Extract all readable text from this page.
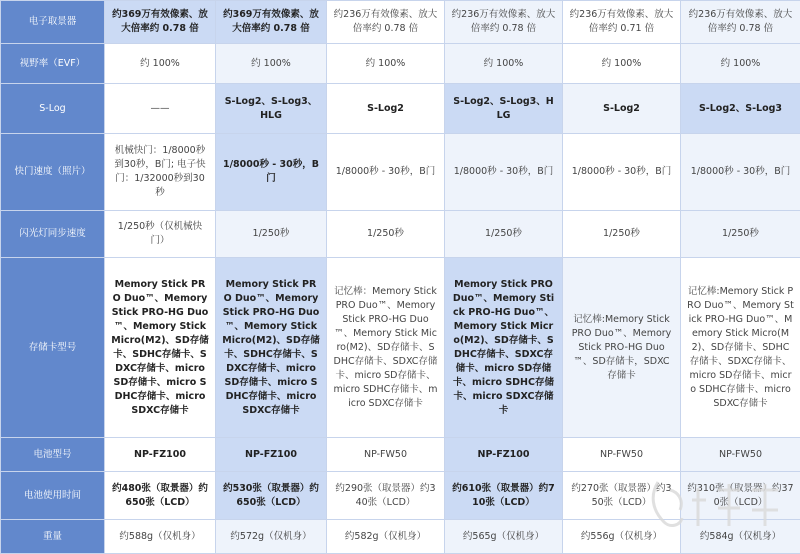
电子取景器	约369万有效像素、放大倍率约 0.78 倍	约369万有效像素、放大倍率约 0.78 倍	约236万有效像素、放大倍率约 0.78 倍	约236万有效像素、放大倍率约 0.78 倍	约236万有效像素、放大倍率约 0.71 倍	约236万有效像素、放大倍率约 0.78 倍
视野率（EVF）	约 100%	约 100%	约 100%	约 100%	约 100%	约 100%
S-Log	——	S-Log2、S-Log3、HLG	S-Log2	S-Log2、S-Log3、HLG	S-Log2	S-Log2、S-Log3
快门速度（照片）	机械快门：1/8000秒到30秒，B门; 电子快门：1/32000秒到30秒	1/8000秒 - 30秒，B门	1/8000秒 - 30秒，B门	1/8000秒 - 30秒，B门	1/8000秒 - 30秒，B门	1/8000秒 - 30秒，B门
闪光灯同步速度	1/250秒（仅机械快门）	1/250秒	1/250秒	1/250秒	1/250秒	1/250秒
存储卡型号	Memory Stick PRO Duo™、Memory Stick PRO-HG Duo™、Memory Stick Micro(M2)、SD存储卡、SDHC存储卡、SDXC存储卡、micro SD存储卡、micro SDHC存储卡、micro SDXC存储卡	Memory Stick PRO Duo™、Memory Stick PRO-HG Duo™、Memory Stick Micro(M2)、SD存储卡、SDHC存储卡、SDXC存储卡、micro SD存储卡、micro SDHC存储卡、micro SDXC存储卡	记忆棒：Memory Stick PRO Duo™、Memory Stick PRO-HG Duo™、Memory Stick Micro(M2)、SD存储卡、SDHC存储卡、SDXC存储卡、micro SD存储卡、micro SDHC存储卡、micro SDXC存储卡	Memory Stick PRO Duo™、Memory Stick PRO-HG Duo™、Memory Stick Micro(M2)、SD存储卡、SDHC存储卡、SDXC存储卡、micro SD存储卡、micro SDHC存储卡、micro SDXC存储卡	记忆棒:Memory Stick PRO Duo™、Memory Stick PRO-HG Duo™、SD存储卡，SDXC存储卡	记忆棒:Memory Stick PRO Duo™、Memory Stick PRO-HG Duo™、Memory Stick Micro(M2)、SD存储卡、SDHC存储卡、SDXC存储卡、micro SD存储卡、micro SDHC存储卡、micro SDXC存储卡
电池型号	NP-FZ100	NP-FZ100	NP-FW50	NP-FZ100	NP-FW50	NP-FW50
电池使用时间	约480张（取景器）约650张（LCD）	约530张（取景器）约650张（LCD）	约290张（取景器）约340张（LCD）	约610张（取景器）约710张（LCD）	约270张（取景器）约350张（LCD）	约310张（取景器）约370张（LCD）
重量	约588g（仅机身）	约572g（仅机身）	约582g（仅机身）	约565g（仅机身）	约556g（仅机身）	约584g（仅机身）
